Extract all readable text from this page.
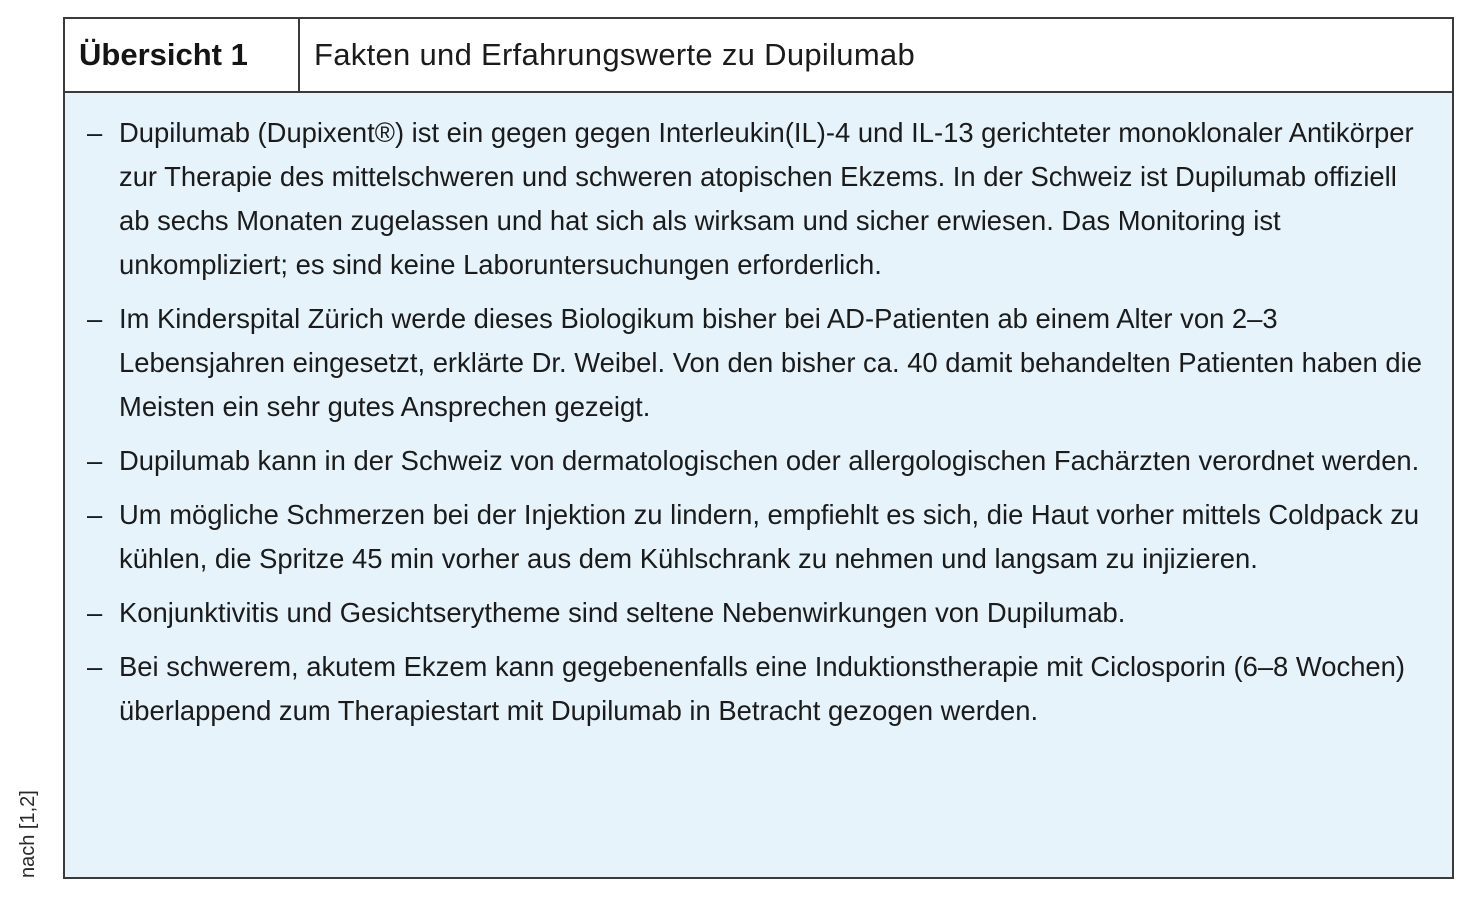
Übersicht 1	Fakten und Erfahrungswerte zu Dupilumab
– Dupilumab (Dupixent®) ist ein gegen gegen Interleukin(IL)-4 und IL-13 gerichteter monoklonaler Antikörper zur Therapie des mittelschweren und schweren atopischen Ekzems. In der Schweiz ist Dupilumab offiziell ab sechs Monaten zugelassen und hat sich als wirksam und sicher erwiesen. Das Monitoring ist unkompliziert; es sind keine Laboruntersuchungen erforderlich.
– Im Kinderspital Zürich werde dieses Biologikum bisher bei AD-Patienten ab einem Alter von 2–3 Lebensjahren eingesetzt, erklärte Dr. Weibel. Von den bisher ca. 40 damit behandelten Patienten haben die Meisten ein sehr gutes Ansprechen gezeigt.
– Dupilumab kann in der Schweiz von dermatologischen oder allergologischen Fachärzten verordnet werden.
– Um mögliche Schmerzen bei der Injektion zu lindern, empfiehlt es sich, die Haut vorher mittels Coldpack zu kühlen, die Spritze 45 min vorher aus dem Kühlschrank zu nehmen und langsam zu injizieren.
– Konjunktivitis und Gesichtserytheme sind seltene Nebenwirkungen von Dupilumab.
– Bei schwerem, akutem Ekzem kann gegebenenfalls eine Induktionstherapie mit Ciclosporin (6–8 Wochen) überlappend zum Therapiestart mit Dupilumab in Betracht gezogen werden.
nach [1,2]
